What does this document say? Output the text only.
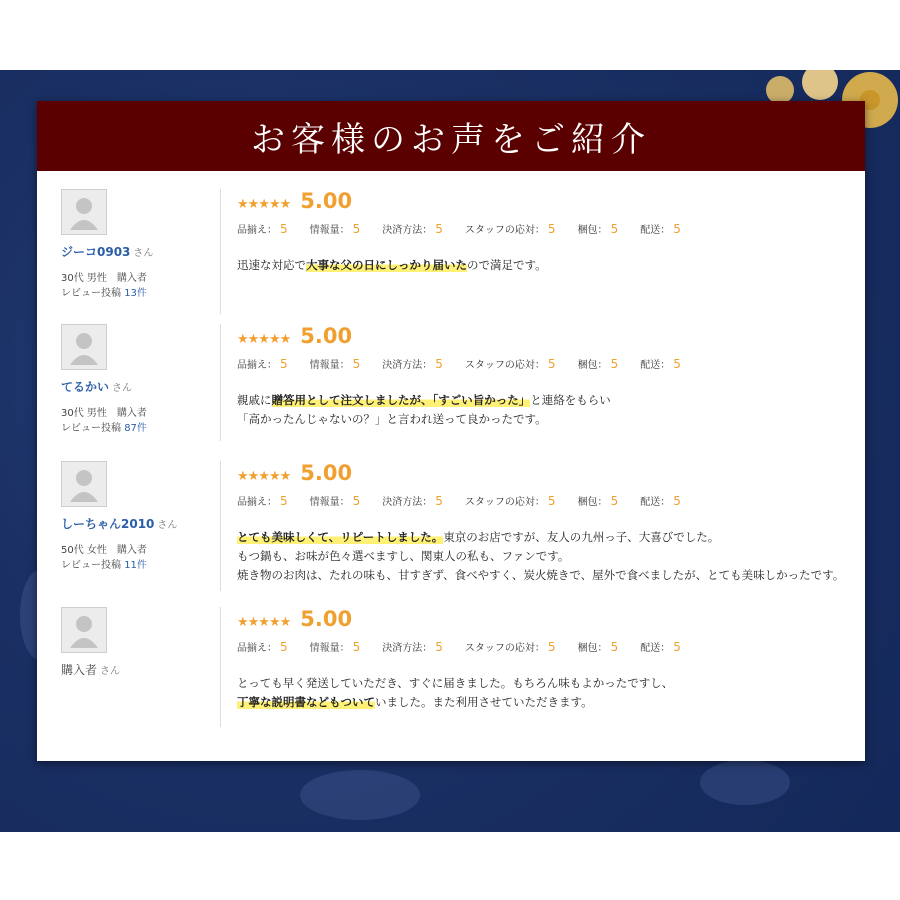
お客様のお声をご紹介
ジーコ0903 さん
30代 男性　購入者
レビュー投稿 13件
★★★★★ 5.00
品揃え： 5 情報量： 5 決済方法： 5 スタッフの応対： 5 梱包： 5 配送： 5
迅速な対応で大事な父の日にしっかり届いたので満足です。
てるかい さん
30代 男性　購入者
レビュー投稿 87件
★★★★★ 5.00
品揃え： 5 情報量： 5 決済方法： 5 スタッフの応対： 5 梱包： 5 配送： 5
親戚に贈答用として注文しましたが、「すごい旨かった」と連絡をもらい
「高かったんじゃないの？」と言われ送って良かったです。
しーちゃん2010 さん
50代 女性　購入者
レビュー投稿 11件
★★★★★ 5.00
品揃え： 5 情報量： 5 決済方法： 5 スタッフの応対： 5 梱包： 5 配送： 5
とても美味しくて、リピートしました。東京のお店ですが、友人の九州っ子、大喜びでした。
もつ鍋も、お味が色々選べますし、関東人の私も、ファンです。
焼き物のお肉は、たれの味も、甘すぎず、食べやすく、炭火焼きで、屋外で食べましたが、とても美味しかったです。
購入者 さん
★★★★★ 5.00
品揃え： 5 情報量： 5 決済方法： 5 スタッフの応対： 5 梱包： 5 配送： 5
とっても早く発送していただき、すぐに届きました。もちろん味もよかったですし、
丁寧な説明書などもついていました。また利用させていただきます。
